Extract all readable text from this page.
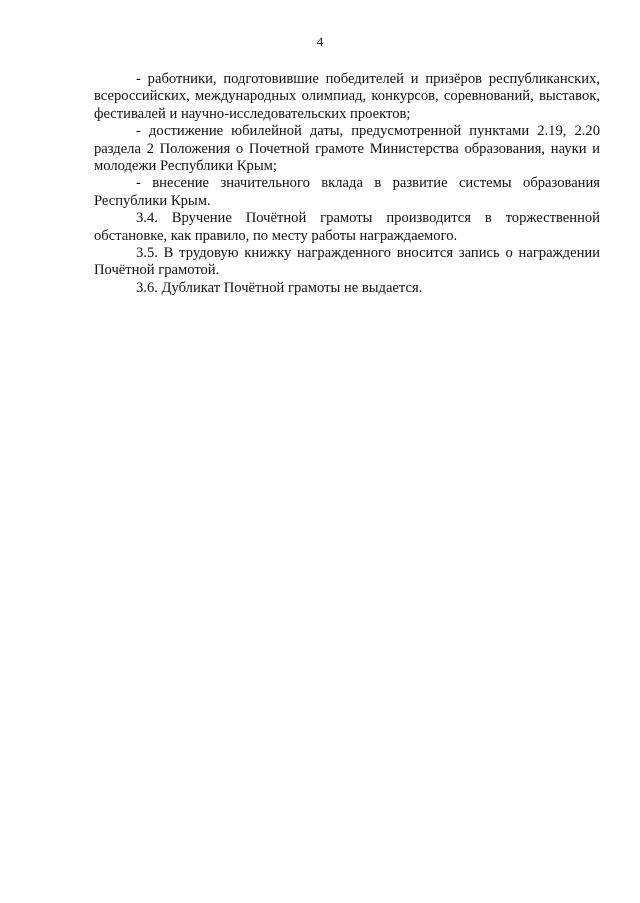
4

- работники, подготовившие победителей и призёров республиканских, всероссийских, международных олимпиад, конкурсов, соревнований, выставок, фестивалей и научно-исследовательских проектов;

- достижение юбилейной даты, предусмотренной пунктами 2.19, 2.20 раздела 2 Положения о Почетной грамоте Министерства образования, науки и молодежи Республики Крым;

- внесение значительного вклада в развитие системы образования Республики Крым.

3.4. Вручение Почётной грамоты производится в торжественной обстановке, как правило, по месту работы награждаемого.

3.5. В трудовую книжку награжденного вносится запись о награждении Почётной грамотой.

3.6. Дубликат Почётной грамоты не выдается.
